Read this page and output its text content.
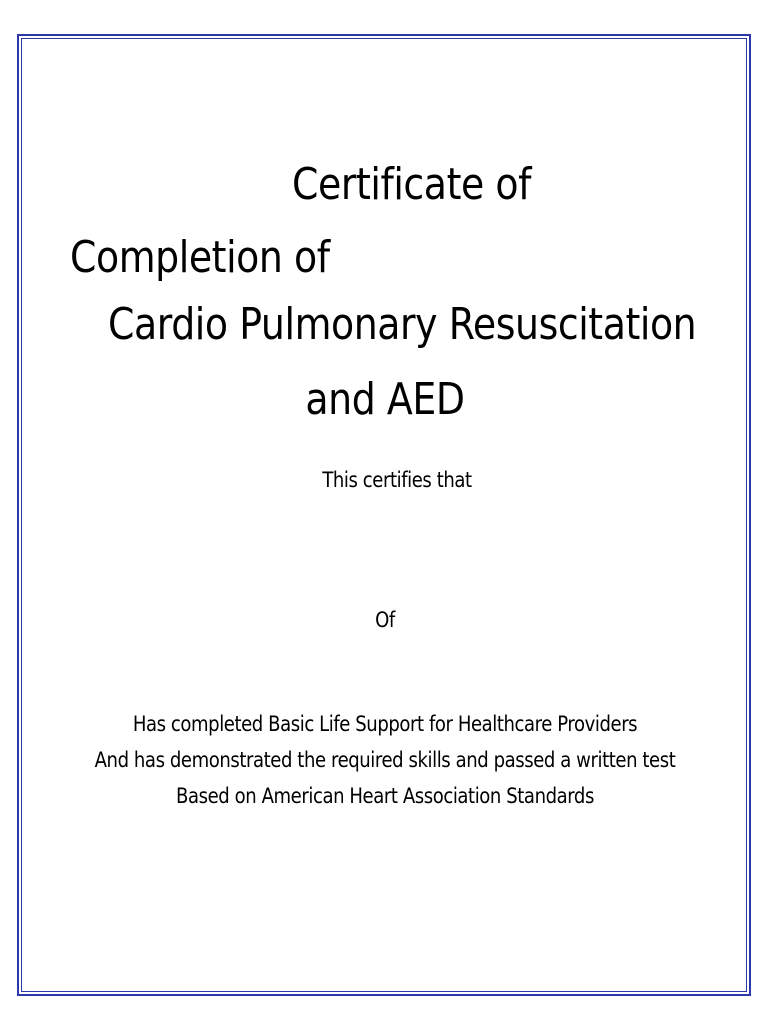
Certificate of
Completion of
Cardio Pulmonary Resuscitation
and AED
This certifies that
Of
Has completed Basic Life Support for Healthcare Providers
And has demonstrated the required skills and passed a written test
Based on American Heart Association Standards
